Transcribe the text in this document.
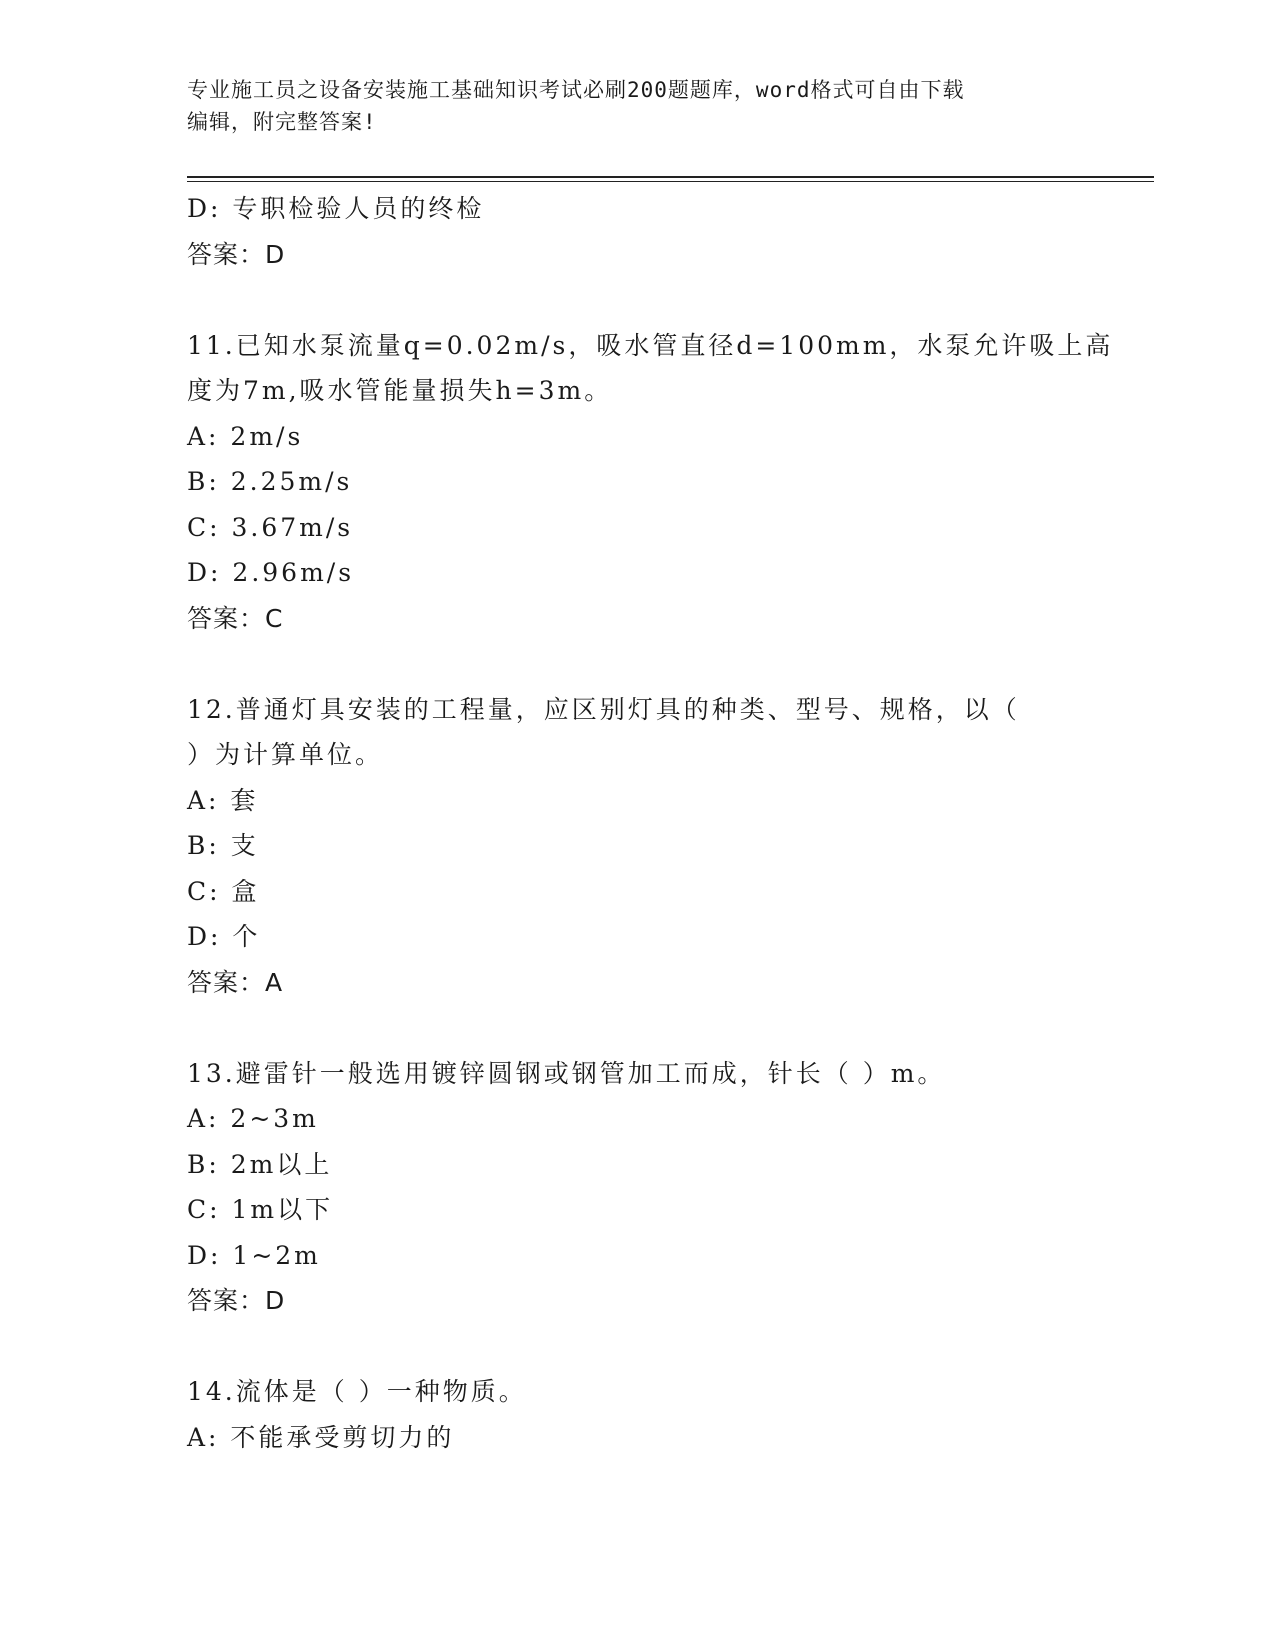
专业施工员之设备安装施工基础知识考试必刷200题题库，word格式可自由下载
编辑，附完整答案!
D: 专职检验人员的终检
答案：D
11.已知水泵流量q=0.02m/s，吸水管直径d=100mm，水泵允许吸上高
度为7m,吸水管能量损失h=3m。
A: 2m/s
B: 2.25m/s
C: 3.67m/s
D: 2.96m/s
答案：C
12.普通灯具安装的工程量，应区别灯具的种类、型号、规格，以（
）为计算单位。
A: 套
B: 支
C: 盒
D: 个
答案：A
13.避雷针一般选用镀锌圆钢或钢管加工而成，针长（ ）m。
A: 2~3m
B: 2m以上
C: 1m以下
D: 1~2m
答案：D
14.流体是（ ）一种物质。
A: 不能承受剪切力的
